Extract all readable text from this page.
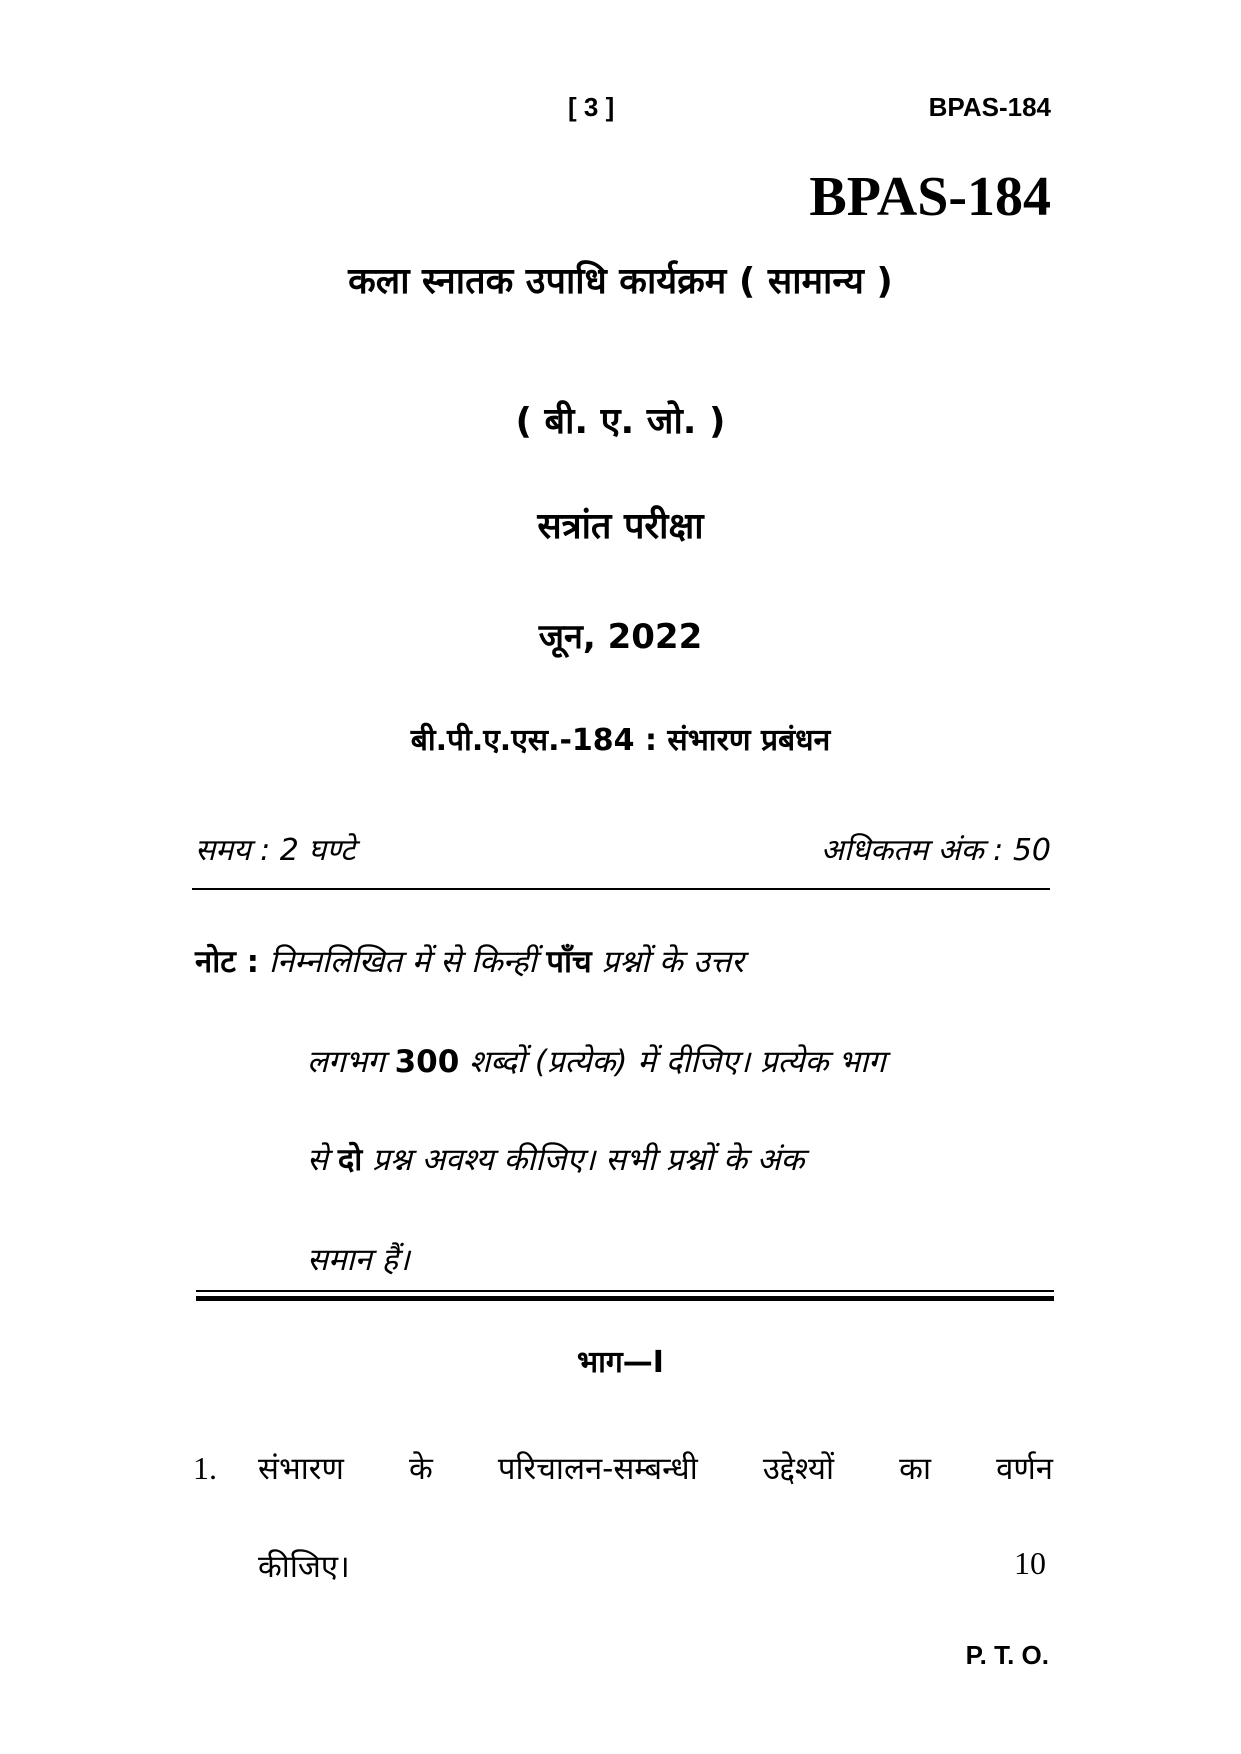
[ 3 ]	BPAS-184
BPAS-184
कला स्नातक उपाधि कार्यक्रम ( सामान्य )
( बी. ए. जो. )
सत्रांत परीक्षा
जून, 2022
बी.पी.ए.एस.-184 : संभारण प्रबंधन
समय : 2 घण्टे	अधिकतम अंक : 50
नोट : निम्नलिखित में से किन्हीं पाँच प्रश्नों के उत्तर
लगभग 300 शब्दों (प्रत्येक) में दीजिए। प्रत्येक भाग
से दो प्रश्न अवश्य कीजिए। सभी प्रश्नों के अंक
समान हैं।
भाग—I
1. संभारण के परिचालन-सम्बन्धी उद्देश्यों का वर्णन
कीजिए।	10
P. T. O.
